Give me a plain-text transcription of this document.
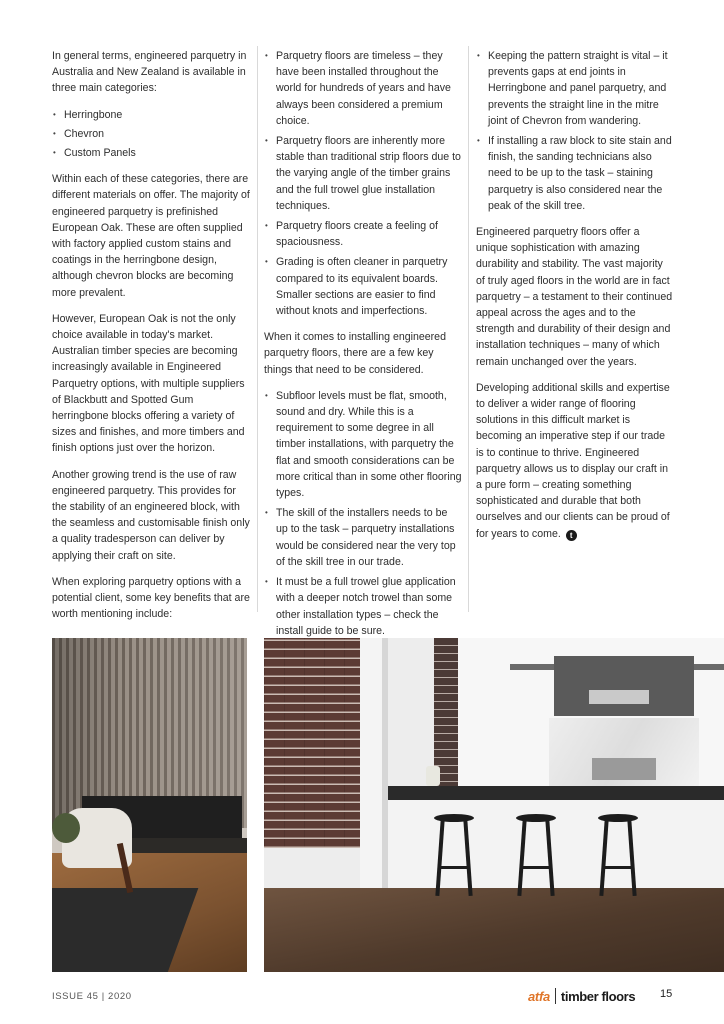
In general terms, engineered parquetry in Australia and New Zealand is available in three main categories:

• Herringbone
• Chevron
• Custom Panels

Within each of these categories, there are different materials on offer. The majority of engineered parquetry is prefinished European Oak. These are often supplied with factory applied custom stains and coatings in the herringbone design, although chevron blocks are becoming more prevalent.

However, European Oak is not the only choice available in today's market. Australian timber species are becoming increasingly available in Engineered Parquetry options, with multiple suppliers of Blackbutt and Spotted Gum herringbone blocks offering a variety of sizes and finishes, and more timbers and finish options just over the horizon.

Another growing trend is the use of raw engineered parquetry. This provides for the stability of an engineered block, with the seamless and customisable finish only a quality tradesperson can deliver by applying their craft on site.

When exploring parquetry options with a potential client, some key benefits that are worth mentioning include:

• Parquetry floors are timeless – they have been installed throughout the world for hundreds of years and have always been considered a premium choice.
• Parquetry floors are inherently more stable than traditional strip floors due to the varying angle of the timber grains and the full trowel glue installation techniques.
• Parquetry floors create a feeling of spaciousness.
• Grading is often cleaner in parquetry compared to its equivalent boards. Smaller sections are easier to find without knots and imperfections.

When it comes to installing engineered parquetry floors, there are a few key things that need to be considered.

• Subfloor levels must be flat, smooth, sound and dry. While this is a requirement to some degree in all timber installations, with parquetry the flat and smooth considerations can be more critical than in some other flooring types.
• The skill of the installers needs to be up to the task – parquetry installations would be considered near the very top of the skill tree in our trade.
• It must be a full trowel glue application with a deeper notch trowel than some other installation types – check the install guide to be sure.
• Keeping the pattern straight is vital – it prevents gaps at end joints in Herringbone and panel parquetry, and prevents the straight line in the mitre joint of Chevron from wandering.
• If installing a raw block to site stain and finish, the sanding technicians also need to be up to the task – staining parquetry is also considered near the peak of the skill tree.

Engineered parquetry floors offer a unique sophistication with amazing durability and stability. The vast majority of truly aged floors in the world are in fact parquetry – a testament to their continued appeal across the ages and to the strength and durability of their design and installation techniques – many of which remain unchanged over the years.

Developing additional skills and expertise to deliver a wider range of flooring solutions in this difficult market is becoming an imperative step if our trade is to continue to thrive. Engineered parquetry allows us to display our craft in a pure form – creating something sophisticated and durable that both ourselves and our clients can be proud of for years to come. t

ISSUE 45 | 2020	atfa timber floors 15
